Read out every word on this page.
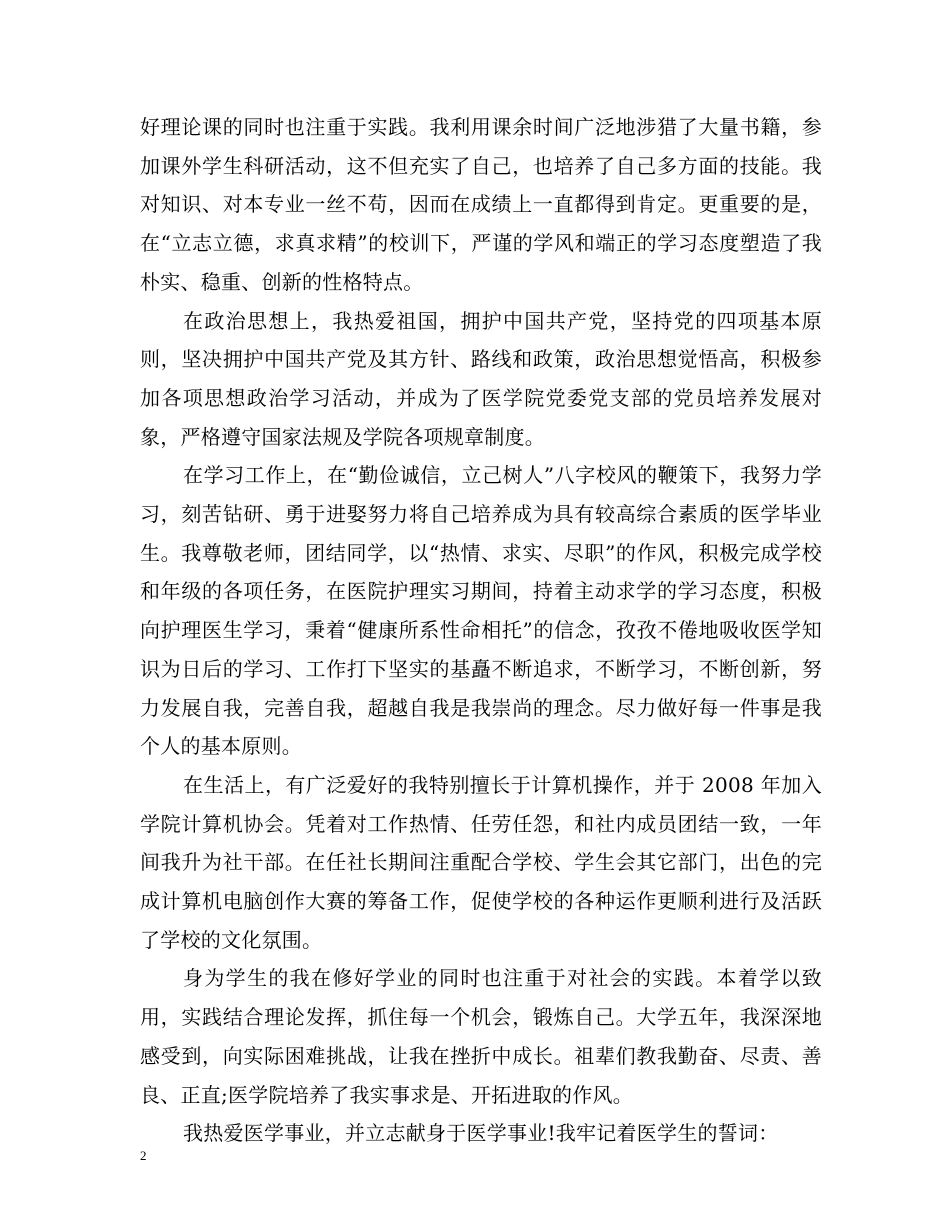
好理论课的同时也注重于实践。我利用课余时间广泛地涉猎了大量书籍，参加课外学生科研活动，这不但充实了自己，也培养了自己多方面的技能。我对知识、对本专业一丝不苟，因而在成绩上一直都得到肯定。更重要的是，在“立志立德，求真求精”的校训下，严谨的学风和端正的学习态度塑造了我朴实、稳重、创新的性格特点。

在政治思想上，我热爱祖国，拥护中国共产党，坚持党的四项基本原则，坚决拥护中国共产党及其方针、路线和政策，政治思想觉悟高，积极参加各项思想政治学习活动，并成为了医学院党委党支部的党员培养发展对象，严格遵守国家法规及学院各项规章制度。

在学习工作上，在“勤俭诚信，立己树人”八字校风的鞭策下，我努力学习，刻苦钻研、勇于进娶努力将自己培养成为具有较高综合素质的医学毕业生。我尊敬老师，团结同学，以“热情、求实、尽职”的作风，积极完成学校和年级的各项任务，在医院护理实习期间，持着主动求学的学习态度，积极向护理医生学习，秉着“健康所系性命相托”的信念，孜孜不倦地吸收医学知识为日后的学习、工作打下坚实的基矗不断追求，不断学习，不断创新，努力发展自我，完善自我，超越自我是我崇尚的理念。尽力做好每一件事是我个人的基本原则。

在生活上，有广泛爱好的我特别擅长于计算机操作，并于 2008 年加入学院计算机协会。凭着对工作热情、任劳任怨，和社内成员团结一致，一年间我升为社干部。在任社长期间注重配合学校、学生会其它部门，出色的完成计算机电脑创作大赛的筹备工作，促使学校的各种运作更顺利进行及活跃了学校的文化氛围。

身为学生的我在修好学业的同时也注重于对社会的实践。本着学以致用，实践结合理论发挥，抓住每一个机会，锻炼自己。大学五年，我深深地感受到，向实际困难挑战，让我在挫折中成长。祖辈们教我勤奋、尽责、善良、正直;医学院培养了我实事求是、开拓进取的作风。

我热爱医学事业，并立志献身于医学事业!我牢记着医学生的誓词：

2
